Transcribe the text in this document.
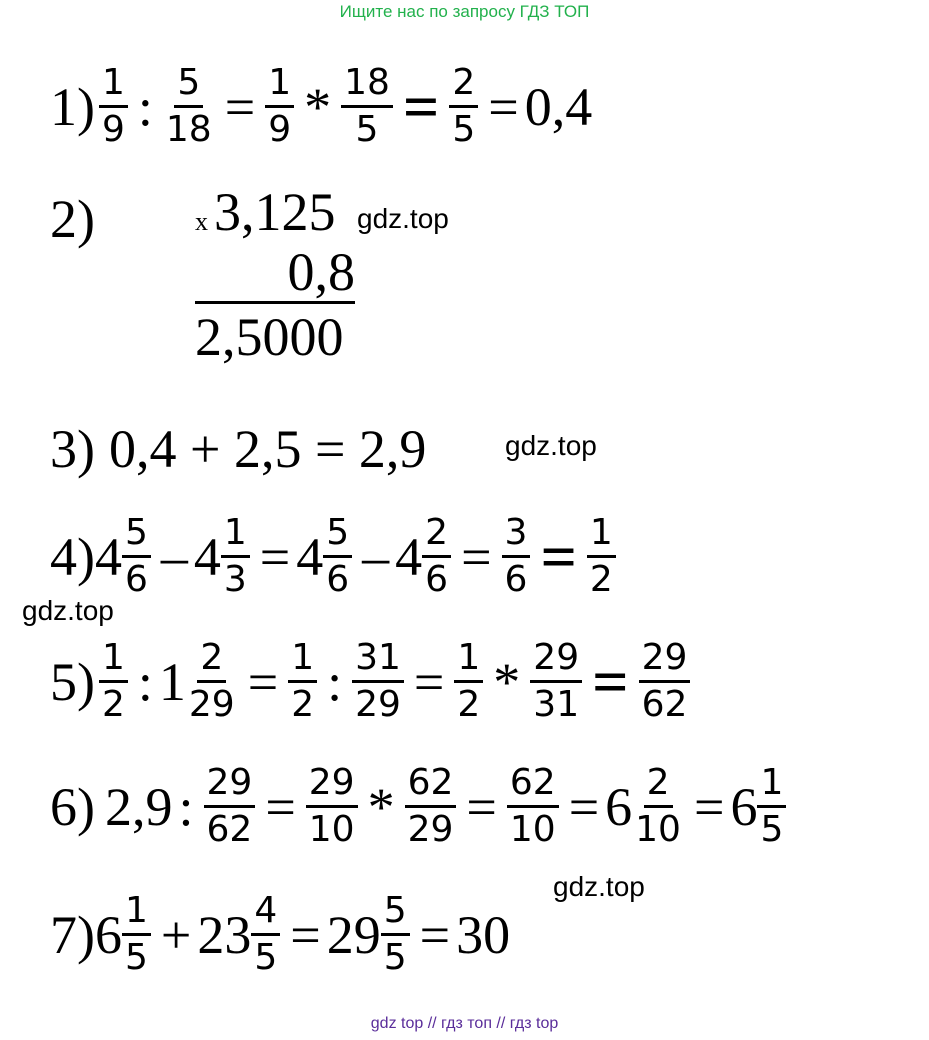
Ищите нас по запросу ГДЗ ТОП
gdz top // гдз топ // гдз top
gdz.top
gdz.top
gdz.top
gdz.top
$1) \frac{1}{9}$ : $\frac{5}{18} = \frac{1}{9} * \frac{18}{5} = \frac{2}{5} = 0,4$
2)	x 3,125
0,8
2,5000
3) 0,4 + 2,5 = 2,9
4) $4 \frac{5}{6} - 4 \frac{1}{3} = 4 \frac{5}{6} - 4 \frac{2}{6} = \frac{3}{6} = \frac{1}{2}$
$5) \frac{1}{2}$ : $1 \frac{2}{29} = \frac{1}{2}$ : $\frac{31}{29} = \frac{1}{2} * \frac{29}{31} = \frac{29}{62}$
6) 2,9 : $\frac{29}{62} = \frac{29}{10} * \frac{62}{29} = \frac{62}{10} = 6 \frac{2}{10} = 6 \frac{1}{5}$
7) $6 \frac{1}{5} + 23 \frac{4}{5} = 29 \frac{5}{5} = 30$
